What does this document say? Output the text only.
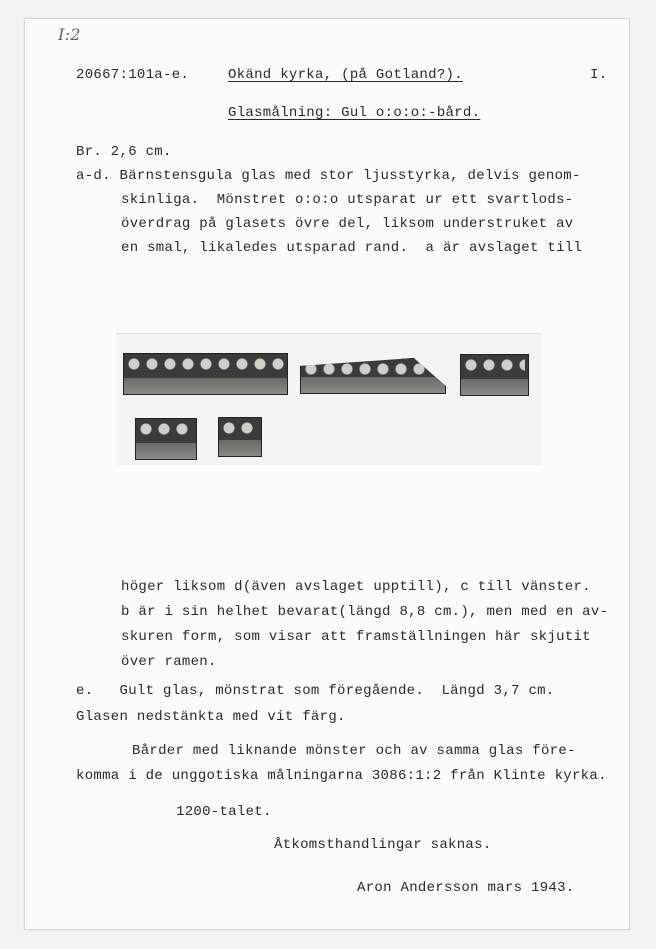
I:2
20667:101a-e.	Okänd kyrka, (på Gotland?).	I.
Glasmålning: Gul o:o:o:-bård.
Br. 2,6 cm.
a-d. Bärnstensgula glas med stor ljusstyrka, delvis genom-
skinliga.  Mönstret o:o:o utsparat ur ett svartlods-
överdrag på glasets övre del, liksom understruket av
en smal, likaledes utsparad rand.  a är avslaget till
höger liksom d(även avslaget upptill), c till vänster.
b är i sin helhet bevarat(längd 8,8 cm.), men med en av-
skuren form, som visar att framställningen här skjutit
över ramen.
e.   Gult glas, mönstrat som föregående.  Längd 3,7 cm.
Glasen nedstänkta med vit färg.
Bårder med liknande mönster och av samma glas före-
komma i de unggotiska målningarna 3086:1:2 från Klinte kyrka.
1200-talet.
Åtkomsthandlingar saknas.
Aron Andersson mars 1943.
